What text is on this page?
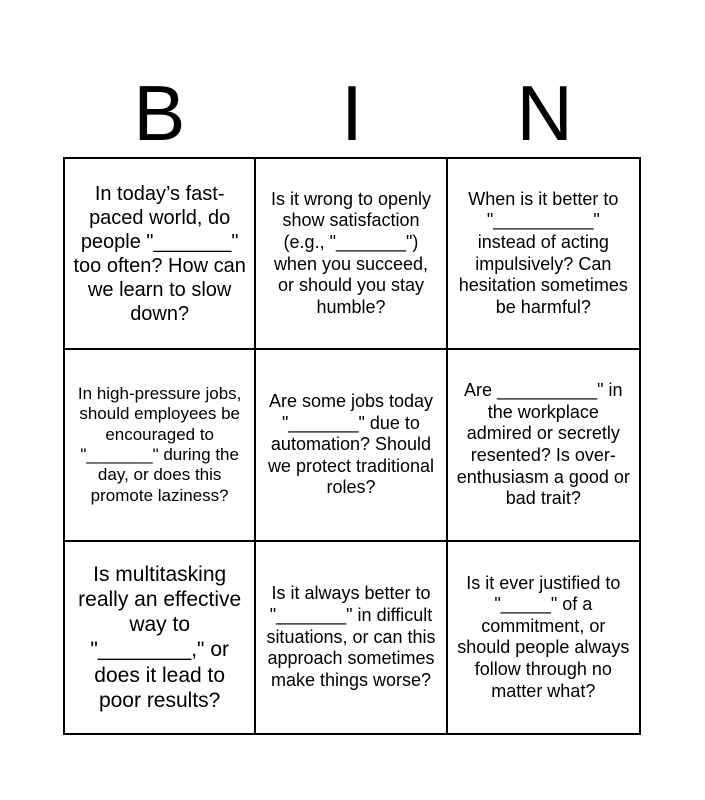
B	I	N
In today’s fast-paced world, do people "_______" too often? How can we learn to slow down?
Is it wrong to openly show satisfaction (e.g., "_______") when you succeed, or should you stay humble?
When is it better to "__________" instead of acting impulsively? Can hesitation sometimes be harmful?
In high-pressure jobs, should employees be encouraged to "_______" during the day, or does this promote laziness?
Are some jobs today "_______" due to automation? Should we protect traditional roles?
Are __________" in the workplace admired or secretly resented? Is over-enthusiasm a good or bad trait?
Is multitasking really an effective way to "________," or does it lead to poor results?
Is it always better to "_______" in difficult situations, or can this approach sometimes make things worse?
Is it ever justified to "_____" of a commitment, or should people always follow through no matter what?
